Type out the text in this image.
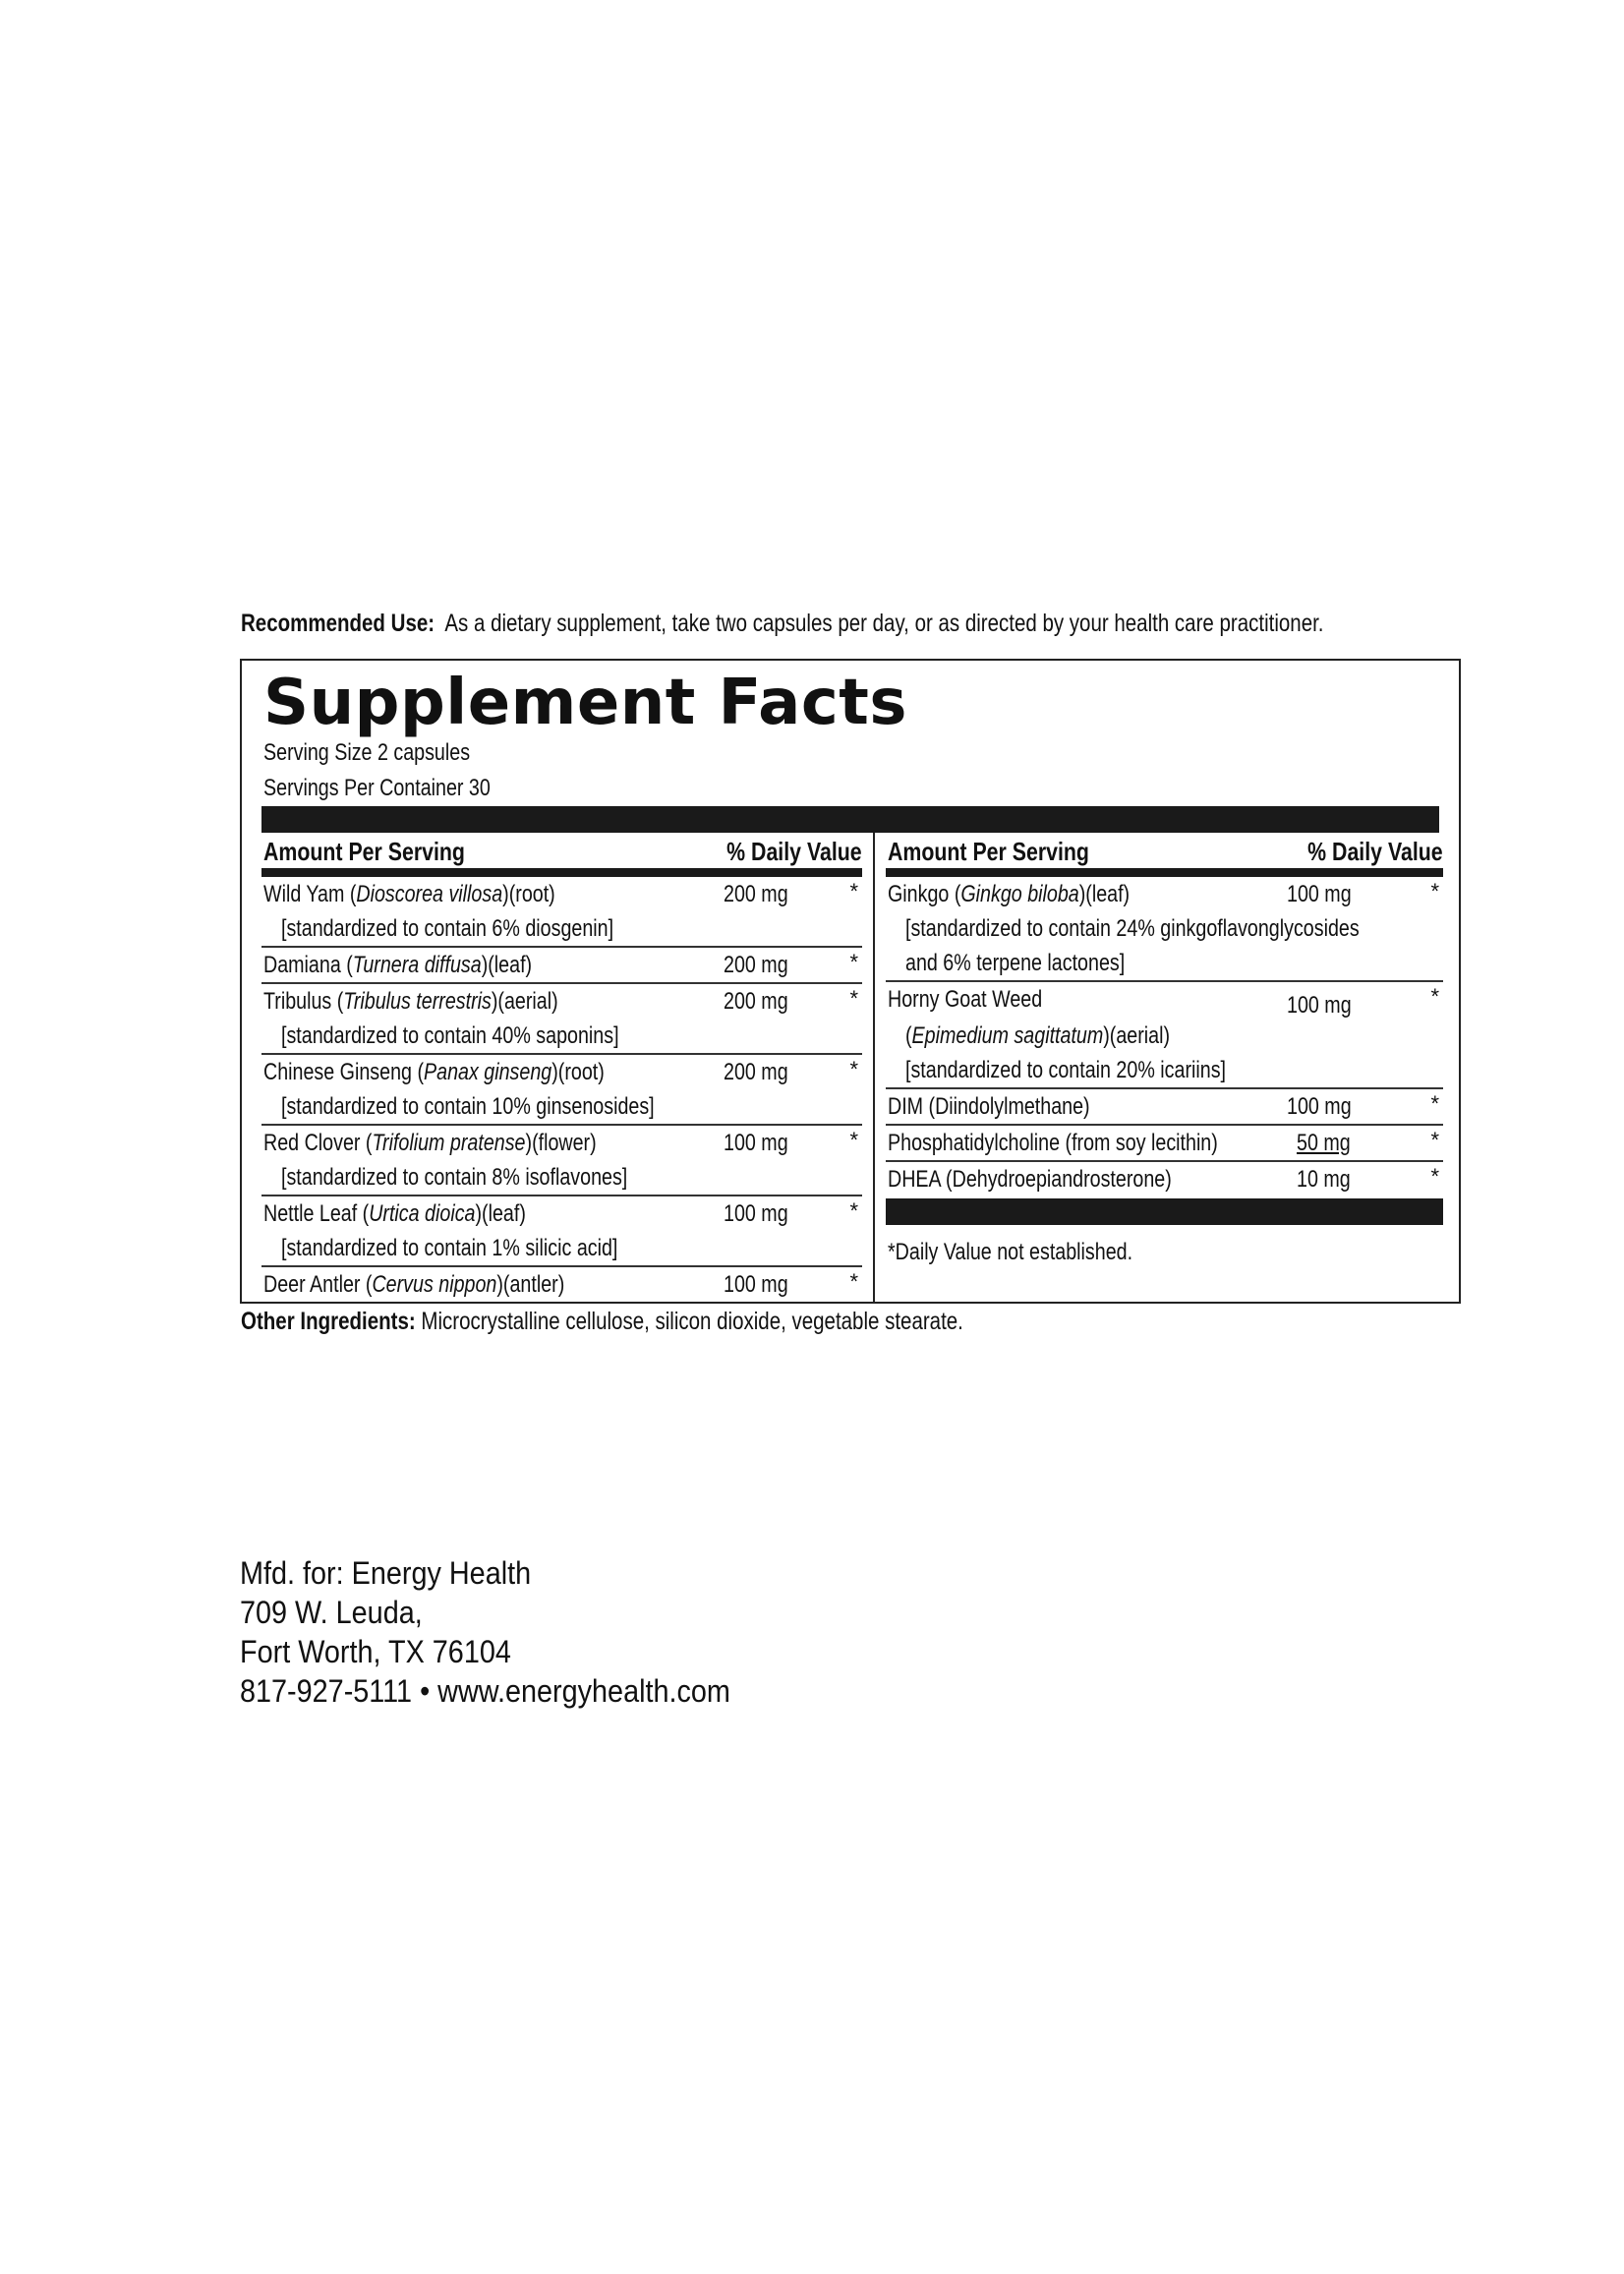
Recommended Use: As a dietary supplement, take two capsules per day, or as directed by your health care practitioner.
Supplement Facts
Serving Size 2 capsules
Servings Per Container 30
Amount Per Serving	% Daily Value
Wild Yam (Dioscorea villosa)(root)	200 mg	*
[standardized to contain 6% diosgenin]
Damiana (Turnera diffusa)(leaf)	200 mg	*
Tribulus (Tribulus terrestris)(aerial)	200 mg	*
[standardized to contain 40% saponins]
Chinese Ginseng (Panax ginseng)(root)	200 mg	*
[standardized to contain 10% ginsenosides]
Red Clover (Trifolium pratense)(flower)	100 mg	*
[standardized to contain 8% isoflavones]
Nettle Leaf (Urtica dioica)(leaf)	100 mg	*
[standardized to contain 1% silicic acid]
Deer Antler (Cervus nippon)(antler)	100 mg	*
Amount Per Serving	% Daily Value
Ginkgo (Ginkgo biloba)(leaf)	100 mg	*
[standardized to contain 24% ginkgoflavonglycosides
and 6% terpene lactones]
Horny Goat Weed	100 mg	*
(Epimedium sagittatum)(aerial)
[standardized to contain 20% icariins]
DIM (Diindolylmethane)	100 mg	*
Phosphatidylcholine (from soy lecithin)	50 mg	*
DHEA (Dehydroepiandrosterone)	10 mg	*
*Daily Value not established.
Other Ingredients: Microcrystalline cellulose, silicon dioxide, vegetable stearate.
Mfd. for: Energy Health
709 W. Leuda,
Fort Worth, TX 76104
817-927-5111 • www.energyhealth.com
